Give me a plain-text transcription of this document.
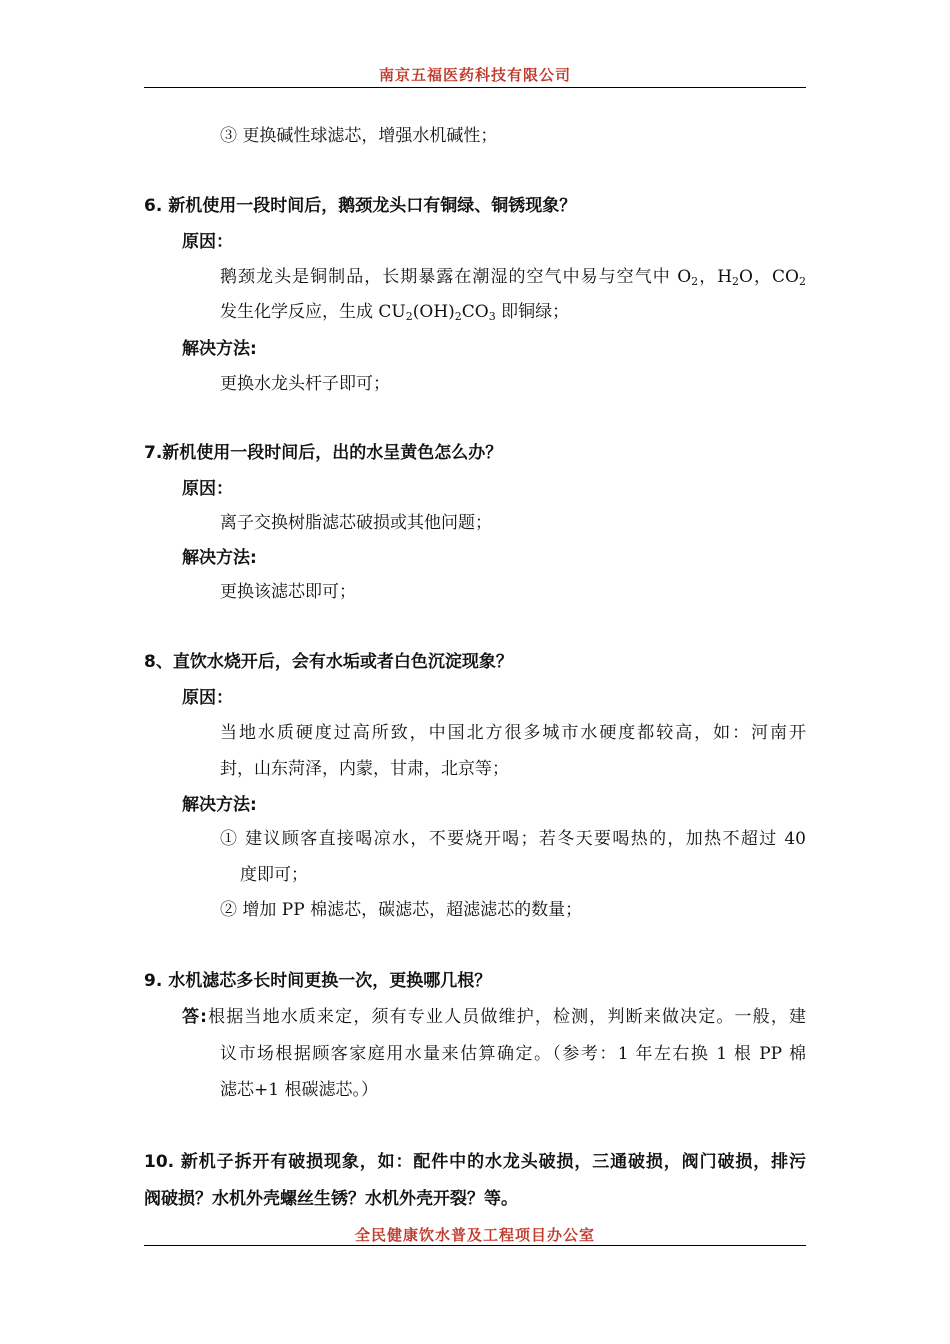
南京五福医药科技有限公司
③ 更换碱性球滤芯，增强水机碱性；
6. 新机使用一段时间后，鹅颈龙头口有铜绿、铜锈现象？
原因：
鹅颈龙头是铜制品，长期暴露在潮湿的空气中易与空气中 $O_2$，$H_2O$，$CO_2$
发生化学反应，生成 $CU_2(OH)_2CO_3$ 即铜绿；
解决方法:
更换水龙头杆子即可；
7.新机使用一段时间后，出的水呈黄色怎么办？
原因：
离子交换树脂滤芯破损或其他问题；
解决方法:
更换该滤芯即可；
8、直饮水烧开后，会有水垢或者白色沉淀现象？
原因：
当地水质硬度过高所致，中国北方很多城市水硬度都较高，如：河南开
封，山东菏泽，内蒙，甘肃，北京等；
解决方法:
① 建议顾客直接喝凉水，不要烧开喝；若冬天要喝热的，加热不超过 40
度即可；
② 增加 PP 棉滤芯，碳滤芯，超滤滤芯的数量；
9. 水机滤芯多长时间更换一次，更换哪几根？
答:根据当地水质来定，须有专业人员做维护，检测，判断来做决定。一般，建
议市场根据顾客家庭用水量来估算确定。（参考：1 年左右换 1 根 PP 棉
滤芯+1 根碳滤芯。）
10. 新机子拆开有破损现象，如：配件中的水龙头破损，三通破损，阀门破损，排污
阀破损？水机外壳螺丝生锈？水机外壳开裂？等。
全民健康饮水普及工程项目办公室
